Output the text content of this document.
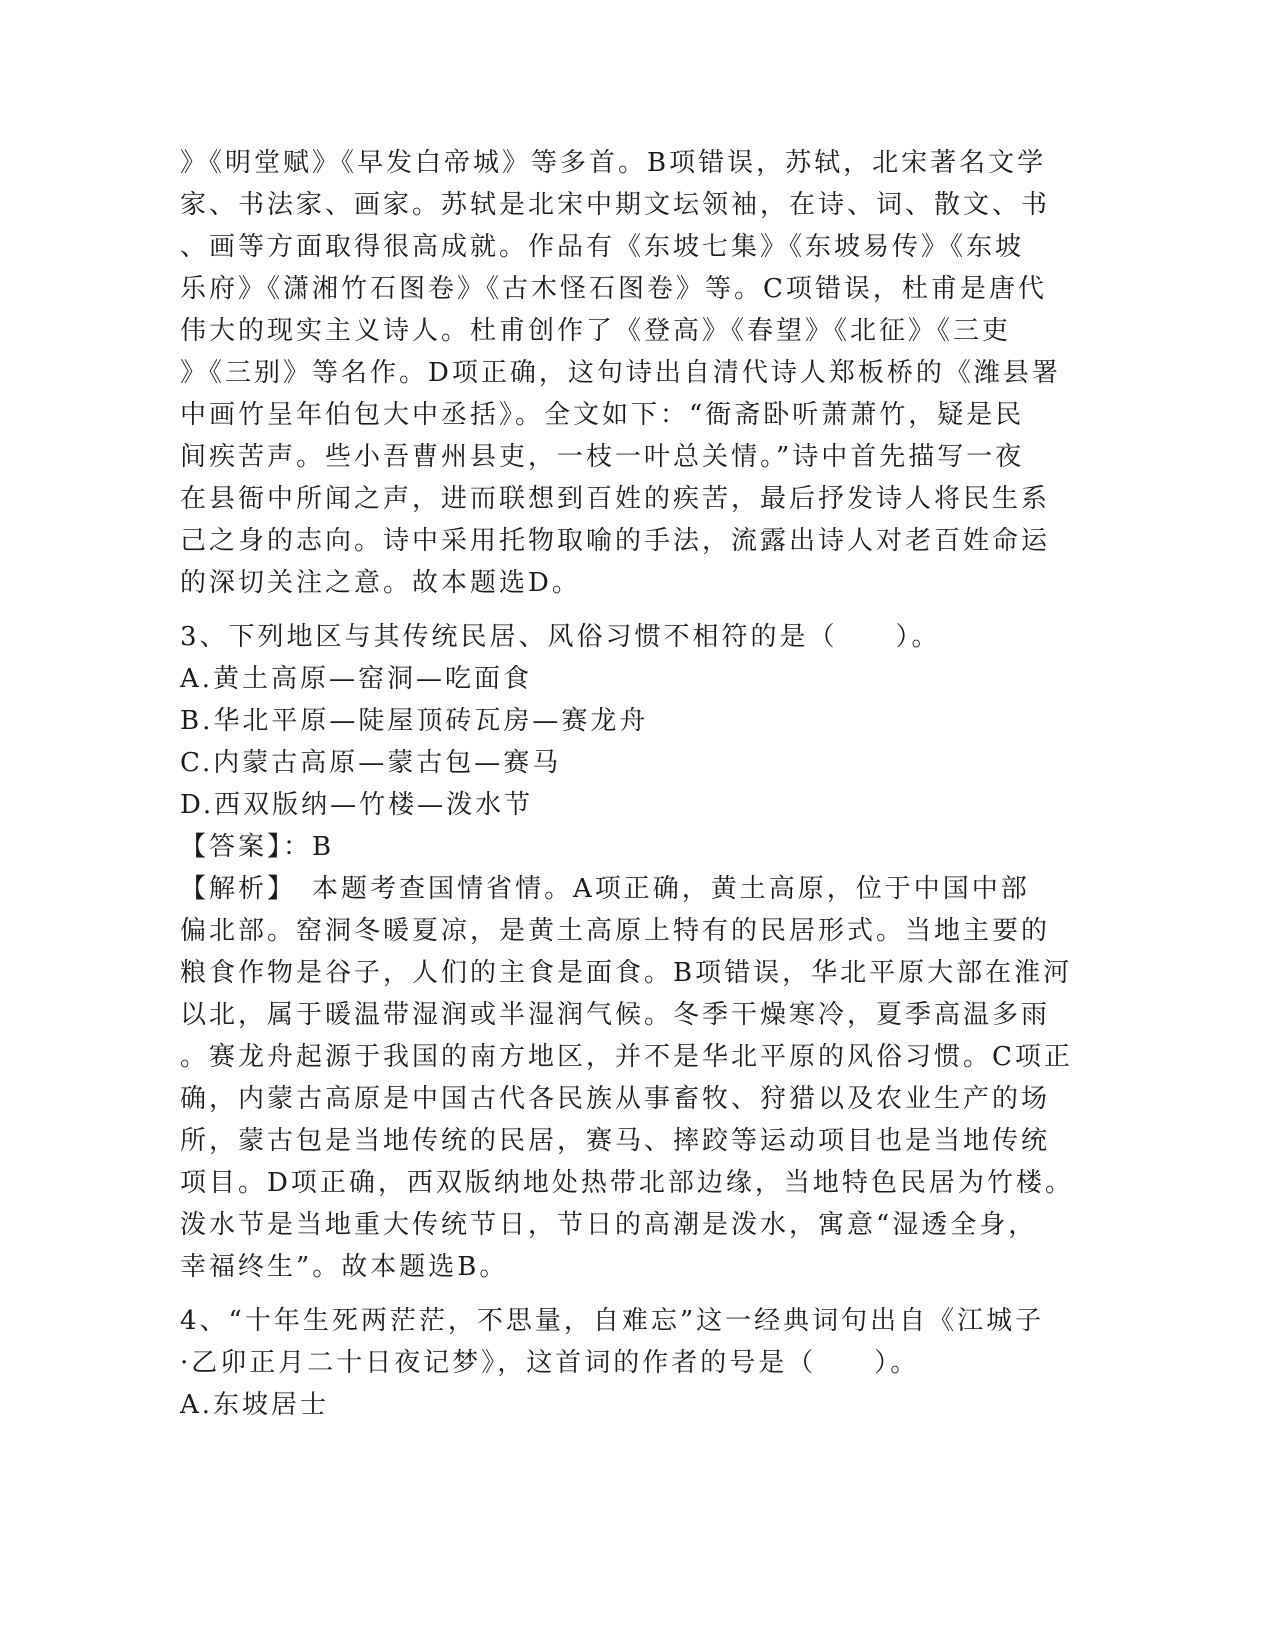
》《明堂赋》《早发白帝城》等多首。B项错误，苏轼，北宋著名文学
家、书法家、画家。苏轼是北宋中期文坛领袖，在诗、词、散文、书
、画等方面取得很高成就。作品有《东坡七集》《东坡易传》《东坡
乐府》《潇湘竹石图卷》《古木怪石图卷》等。C项错误，杜甫是唐代
伟大的现实主义诗人。杜甫创作了《登高》《春望》《北征》《三吏
》《三别》等名作。D项正确，这句诗出自清代诗人郑板桥的《潍县署
中画竹呈年伯包大中丞括》。全文如下：“衙斋卧听萧萧竹，疑是民
间疾苦声。些小吾曹州县吏，一枝一叶总关情。”诗中首先描写一夜
在县衙中所闻之声，进而联想到百姓的疾苦，最后抒发诗人将民生系
己之身的志向。诗中采用托物取喻的手法，流露出诗人对老百姓命运
的深切关注之意。故本题选D。
3、下列地区与其传统民居、风俗习惯不相符的是（　　）。
A.黄土高原—窑洞—吃面食
B.华北平原—陡屋顶砖瓦房—赛龙舟
C.内蒙古高原—蒙古包—赛马
D.西双版纳—竹楼—泼水节
【答案】：B
【解析】　本题考查国情省情。A项正确，黄土高原，位于中国中部
偏北部。窑洞冬暖夏凉，是黄土高原上特有的民居形式。当地主要的
粮食作物是谷子，人们的主食是面食。B项错误，华北平原大部在淮河
以北，属于暖温带湿润或半湿润气候。冬季干燥寒冷，夏季高温多雨
。赛龙舟起源于我国的南方地区，并不是华北平原的风俗习惯。C项正
确，内蒙古高原是中国古代各民族从事畜牧、狩猎以及农业生产的场
所，蒙古包是当地传统的民居，赛马、摔跤等运动项目也是当地传统
项目。D项正确，西双版纳地处热带北部边缘，当地特色民居为竹楼。
泼水节是当地重大传统节日，节日的高潮是泼水，寓意“湿透全身，
幸福终生”。故本题选B。
4、“十年生死两茫茫，不思量，自难忘”这一经典词句出自《江城子
·乙卯正月二十日夜记梦》，这首词的作者的号是（　　）。
A.东坡居士
